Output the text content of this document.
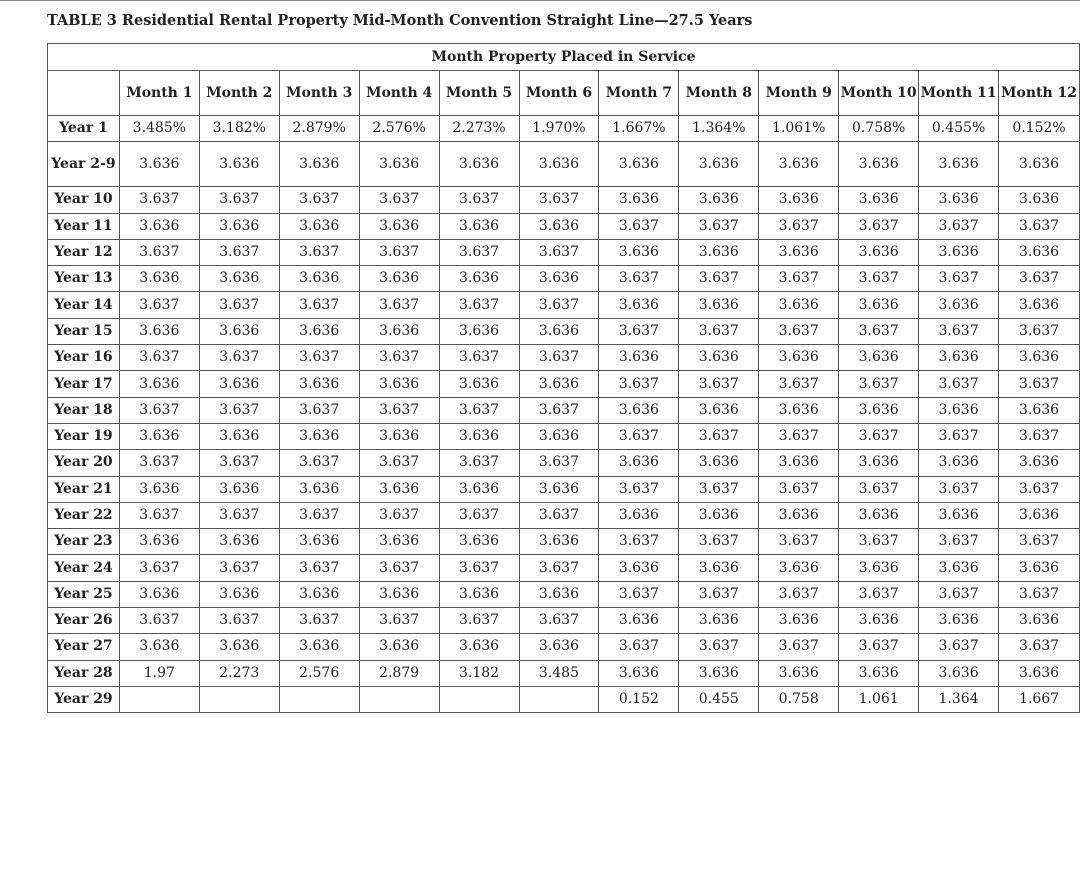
TABLE 3 Residential Rental Property Mid-Month Convention Straight Line—27.5 Years
Month Property Placed in Service												
	Month 1	Month 2	Month 3	Month 4	Month 5	Month 6	Month 7	Month 8	Month 9	Month 10	Month 11	Month 12
Year 1	3.485%	3.182%	2.879%	2.576%	2.273%	1.970%	1.667%	1.364%	1.061%	0.758%	0.455%	0.152%
Year 2-9	3.636	3.636	3.636	3.636	3.636	3.636	3.636	3.636	3.636	3.636	3.636	3.636
Year 10	3.637	3.637	3.637	3.637	3.637	3.637	3.636	3.636	3.636	3.636	3.636	3.636
Year 11	3.636	3.636	3.636	3.636	3.636	3.636	3.637	3.637	3.637	3.637	3.637	3.637
Year 12	3.637	3.637	3.637	3.637	3.637	3.637	3.636	3.636	3.636	3.636	3.636	3.636
Year 13	3.636	3.636	3.636	3.636	3.636	3.636	3.637	3.637	3.637	3.637	3.637	3.637
Year 14	3.637	3.637	3.637	3.637	3.637	3.637	3.636	3.636	3.636	3.636	3.636	3.636
Year 15	3.636	3.636	3.636	3.636	3.636	3.636	3.637	3.637	3.637	3.637	3.637	3.637
Year 16	3.637	3.637	3.637	3.637	3.637	3.637	3.636	3.636	3.636	3.636	3.636	3.636
Year 17	3.636	3.636	3.636	3.636	3.636	3.636	3.637	3.637	3.637	3.637	3.637	3.637
Year 18	3.637	3.637	3.637	3.637	3.637	3.637	3.636	3.636	3.636	3.636	3.636	3.636
Year 19	3.636	3.636	3.636	3.636	3.636	3.636	3.637	3.637	3.637	3.637	3.637	3.637
Year 20	3.637	3.637	3.637	3.637	3.637	3.637	3.636	3.636	3.636	3.636	3.636	3.636
Year 21	3.636	3.636	3.636	3.636	3.636	3.636	3.637	3.637	3.637	3.637	3.637	3.637
Year 22	3.637	3.637	3.637	3.637	3.637	3.637	3.636	3.636	3.636	3.636	3.636	3.636
Year 23	3.636	3.636	3.636	3.636	3.636	3.636	3.637	3.637	3.637	3.637	3.637	3.637
Year 24	3.637	3.637	3.637	3.637	3.637	3.637	3.636	3.636	3.636	3.636	3.636	3.636
Year 25	3.636	3.636	3.636	3.636	3.636	3.636	3.637	3.637	3.637	3.637	3.637	3.637
Year 26	3.637	3.637	3.637	3.637	3.637	3.637	3.636	3.636	3.636	3.636	3.636	3.636
Year 27	3.636	3.636	3.636	3.636	3.636	3.636	3.637	3.637	3.637	3.637	3.637	3.637
Year 28	1.97	2.273	2.576	2.879	3.182	3.485	3.636	3.636	3.636	3.636	3.636	3.636
Year 29							0.152	0.455	0.758	1.061	1.364	1.667
